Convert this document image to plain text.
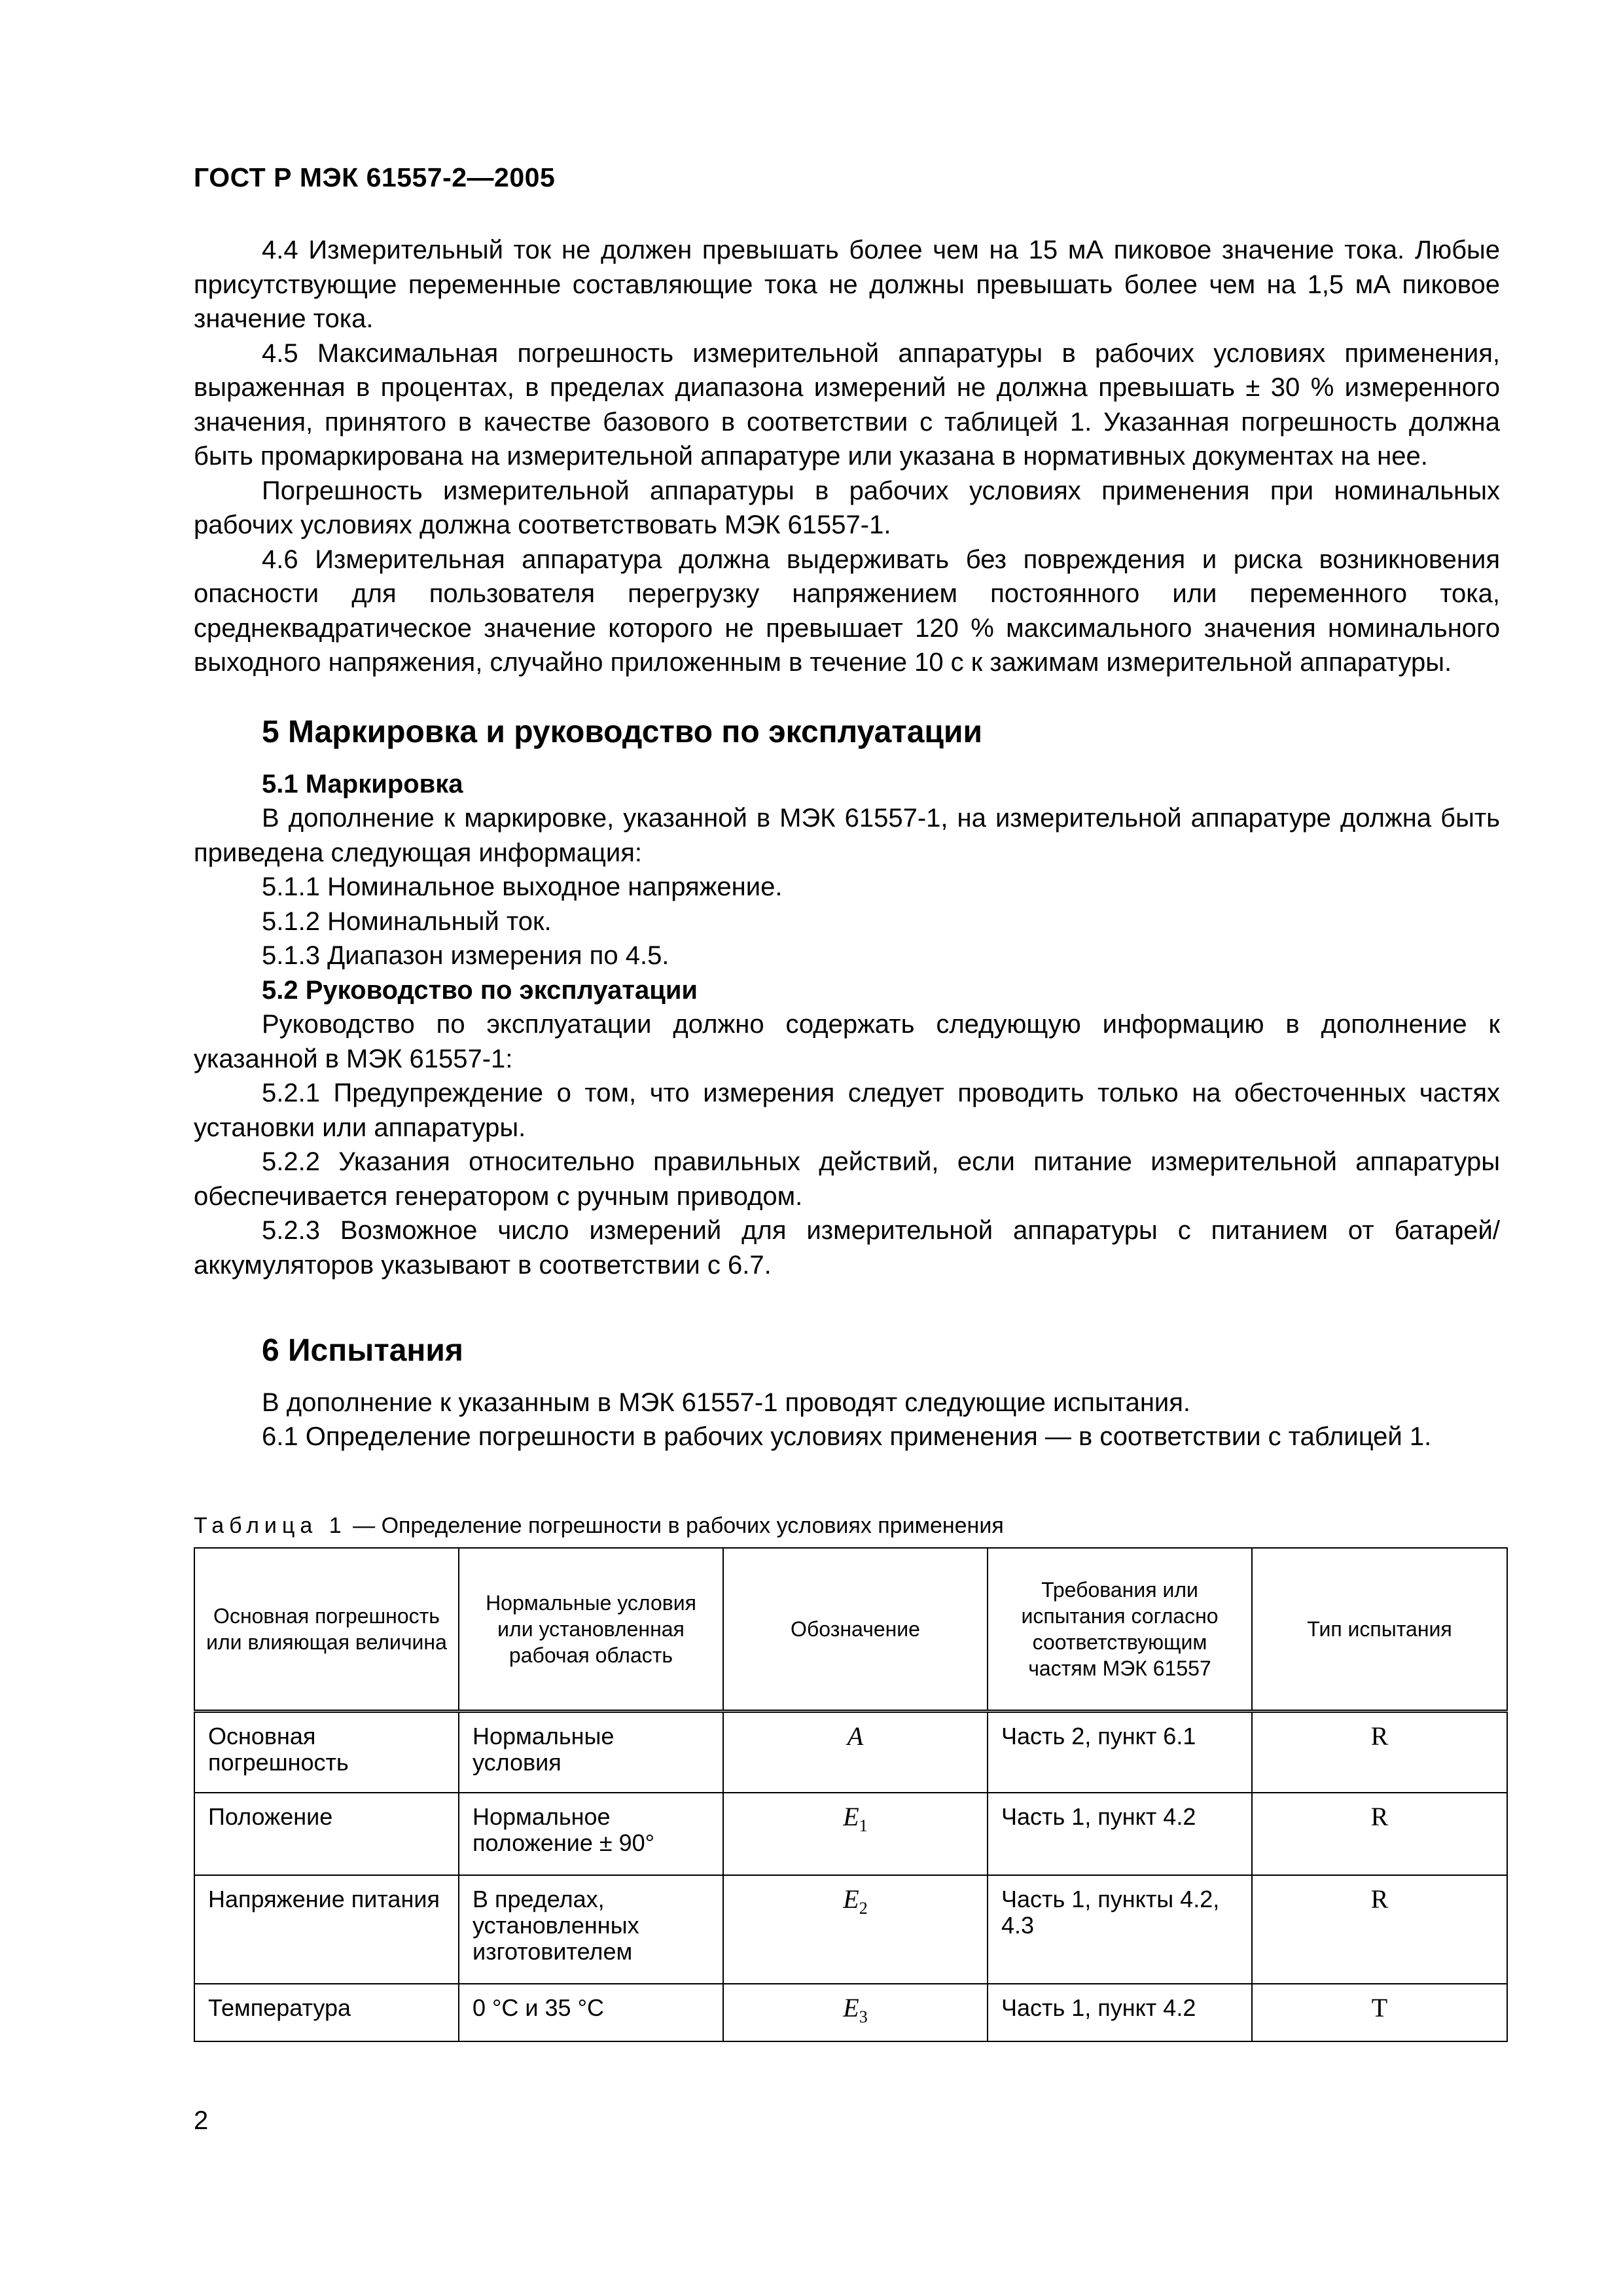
ГОСТ Р МЭК 61557-2—2005

4.4 Измерительный ток не должен превышать более чем на 15 мА пиковое значение тока. Любые присутствующие переменные составляющие тока не должны превышать более чем на 1,5 мА пиковое значение тока.

4.5 Максимальная погрешность измерительной аппаратуры в рабочих условиях применения, выраженная в процентах, в пределах диапазона измерений не должна превышать ± 30 % измеренного значения, принятого в качестве базового в соответствии с таблицей 1. Указанная погрешность должна быть промаркирована на измерительной аппаратуре или указана в нормативных документах на нее.

Погрешность измерительной аппаратуры в рабочих условиях применения при номинальных рабочих условиях должна соответствовать МЭК 61557-1.

4.6 Измерительная аппаратура должна выдерживать без повреждения и риска возникновения опасности для пользователя перегрузку напряжением постоянного или переменного тока, среднеквадратическое значение которого не превышает 120 % максимального значения номинального выходного напряжения, случайно приложенным в течение 10 с к зажимам измерительной аппаратуры.

5 Маркировка и руководство по эксплуатации
5.1 Маркировка

В дополнение к маркировке, указанной в МЭК 61557-1, на измерительной аппаратуре должна быть приведена следующая информация:

5.1.1 Номинальное выходное напряжение.

5.1.2 Номинальный ток.

5.1.3 Диапазон измерения по 4.5.

5.2 Руководство по эксплуатации

Руководство по эксплуатации должно содержать следующую информацию в дополнение к указанной в МЭК 61557-1:

5.2.1 Предупреждение о том, что измерения следует проводить только на обесточенных частях установки или аппаратуры.

5.2.2 Указания относительно правильных действий, если питание измерительной аппаратуры обеспечивается генератором с ручным приводом.

5.2.3 Возможное число измерений для измерительной аппаратуры с питанием от батарей/аккумуляторов указывают в соответствии с 6.7.

6 Испытания

В дополнение к указанным в МЭК 61557-1 проводят следующие испытания.

6.1 Определение погрешности в рабочих условиях применения — в соответствии с таблицей 1.

Таблица 1 — Определение погрешности в рабочих условиях применения
Основная погрешность или влияющая величина	Нормальные условия или установленная рабочая область	Обозначение	Требования или испытания согласно соответствующим частям МЭК 61557	Тип испытания
Основная погрешность	Нормальные условия	A	Часть 2, пункт 6.1	R
Положение	Нормальное положение ± 90°	$E_1$	Часть 1, пункт 4.2	R
Напряжение питания	В пределах, установленных изготовителем	$E_2$	Часть 1, пункты 4.2, 4.3	R
Температура	0 °С и 35 °С	$E_3$	Часть 1, пункт 4.2	T
2
